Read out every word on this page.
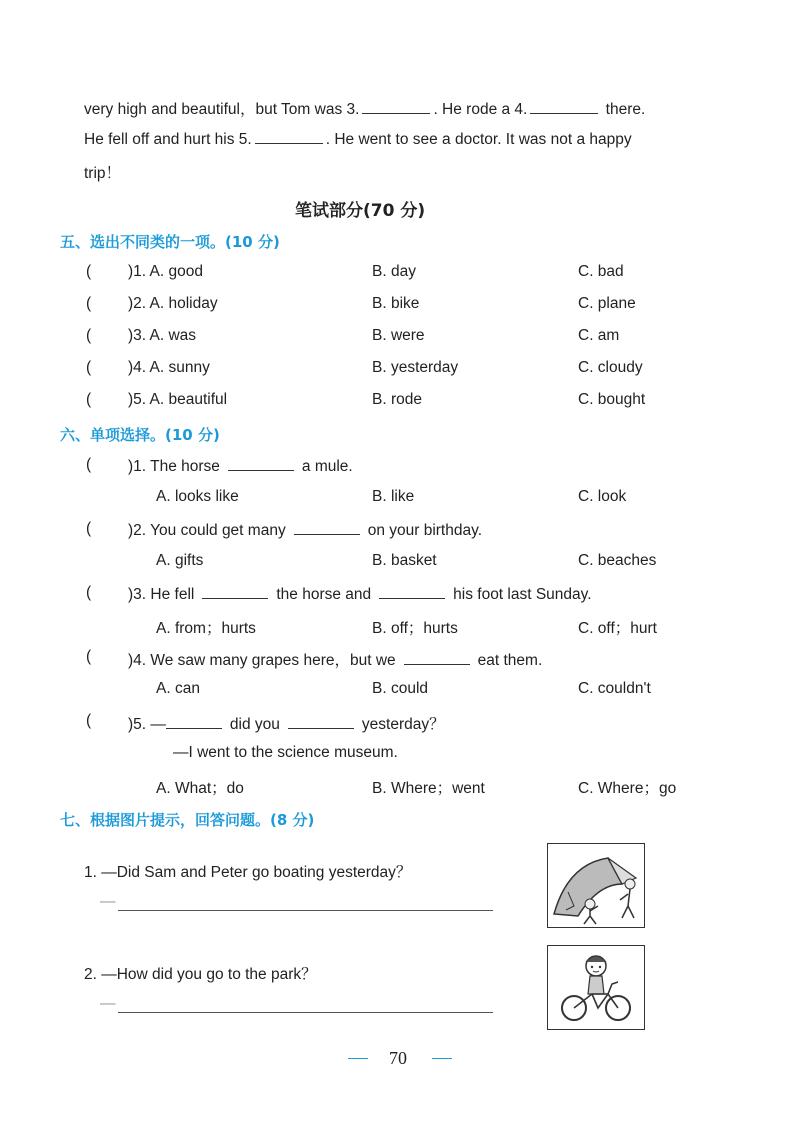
very high and beautiful，but Tom was 3.	. He rode a 4.	there.
He fell off and hurt his 5.	. He went to see a doctor. It was not a happy
trip！
笔试部分(70 分)
五、选出不同类的一项。(10 分)
( )1. A. good	B. day	C. bad
( )2. A. holiday	B. bike	C. plane
( )3. A. was	B. were	C. am
( )4. A. sunny	B. yesterday	C. cloudy
( )5. A. beautiful	B. rode	C. bought
六、单项选择。(10 分)
( )1. The horse	a mule.
A. looks like	B. like	C. look
( )2. You could get many	on your birthday.
A. gifts	B. basket	C. beaches
( )3. He fell	the horse and	his foot last Sunday.
A. from；hurts	B. off；hurts	C. off；hurt
( )4. We saw many grapes here，but we	eat them.
A. can	B. could	C. couldn't
( )5. —	did you	yesterday？
—I went to the science museum.
A. What；do	B. Where；went	C. Where；go
七、根据图片提示，回答问题。(8 分)
1. —Did Sam and Peter go boating yesterday？
—
2. —How did you go to the park？
—
70
